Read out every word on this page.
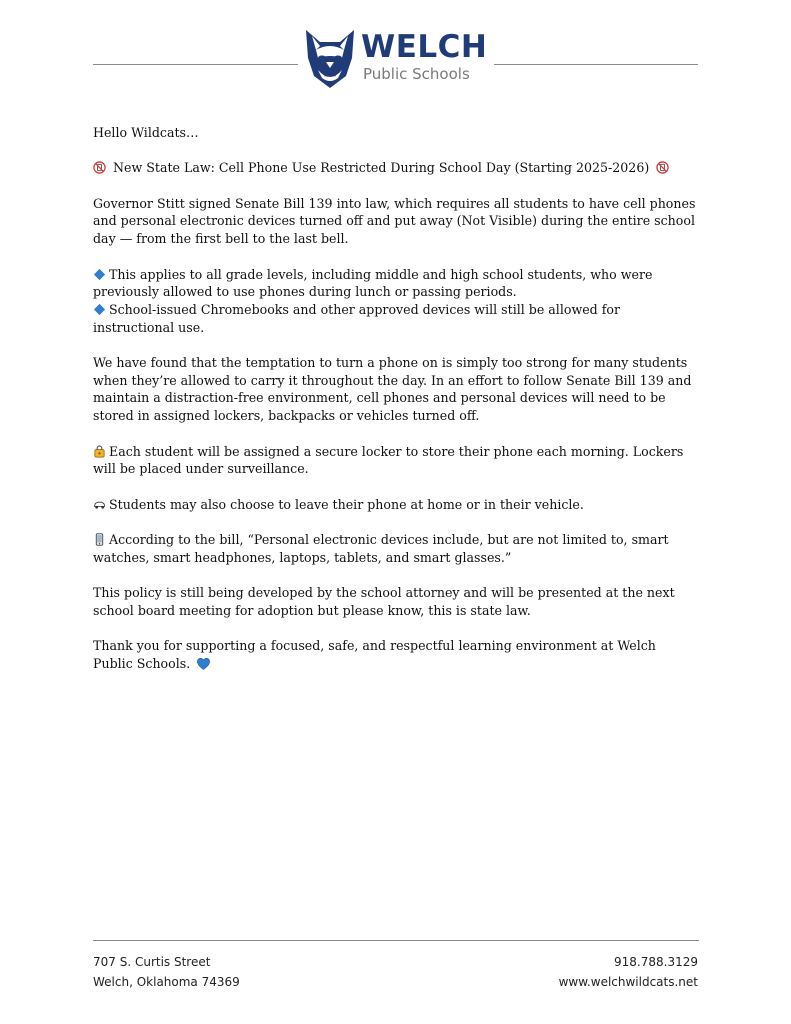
WELCH
Public Schools

Hello Wildcats…

New State Law: Cell Phone Use Restricted During School Day (Starting 2025-2026)

Governor Stitt signed Senate Bill 139 into law, which requires all students to have cell phones and personal electronic devices turned off and put away (Not Visible) during the entire school day — from the first bell to the last bell.

This applies to all grade levels, including middle and high school students, who were previously allowed to use phones during lunch or passing periods.

School-issued Chromebooks and other approved devices will still be allowed for instructional use.

We have found that the temptation to turn a phone on is simply too strong for many students when they’re allowed to carry it throughout the day. In an effort to follow Senate Bill 139 and maintain a distraction-free environment, cell phones and personal devices will need to be stored in assigned lockers, backpacks or vehicles turned off.

Each student will be assigned a secure locker to store their phone each morning. Lockers will be placed under surveillance.

Students may also choose to leave their phone at home or in their vehicle.

According to the bill, “Personal electronic devices include, but are not limited to, smart watches, smart headphones, laptops, tablets, and smart glasses.”

This policy is still being developed by the school attorney and will be presented at the next school board meeting for adoption but please know, this is state law.

Thank you for supporting a focused, safe, and respectful learning environment at Welch Public Schools.

707 S. Curtis Street
Welch, Oklahoma 74369
918.788.3129
www.welchwildcats.net
